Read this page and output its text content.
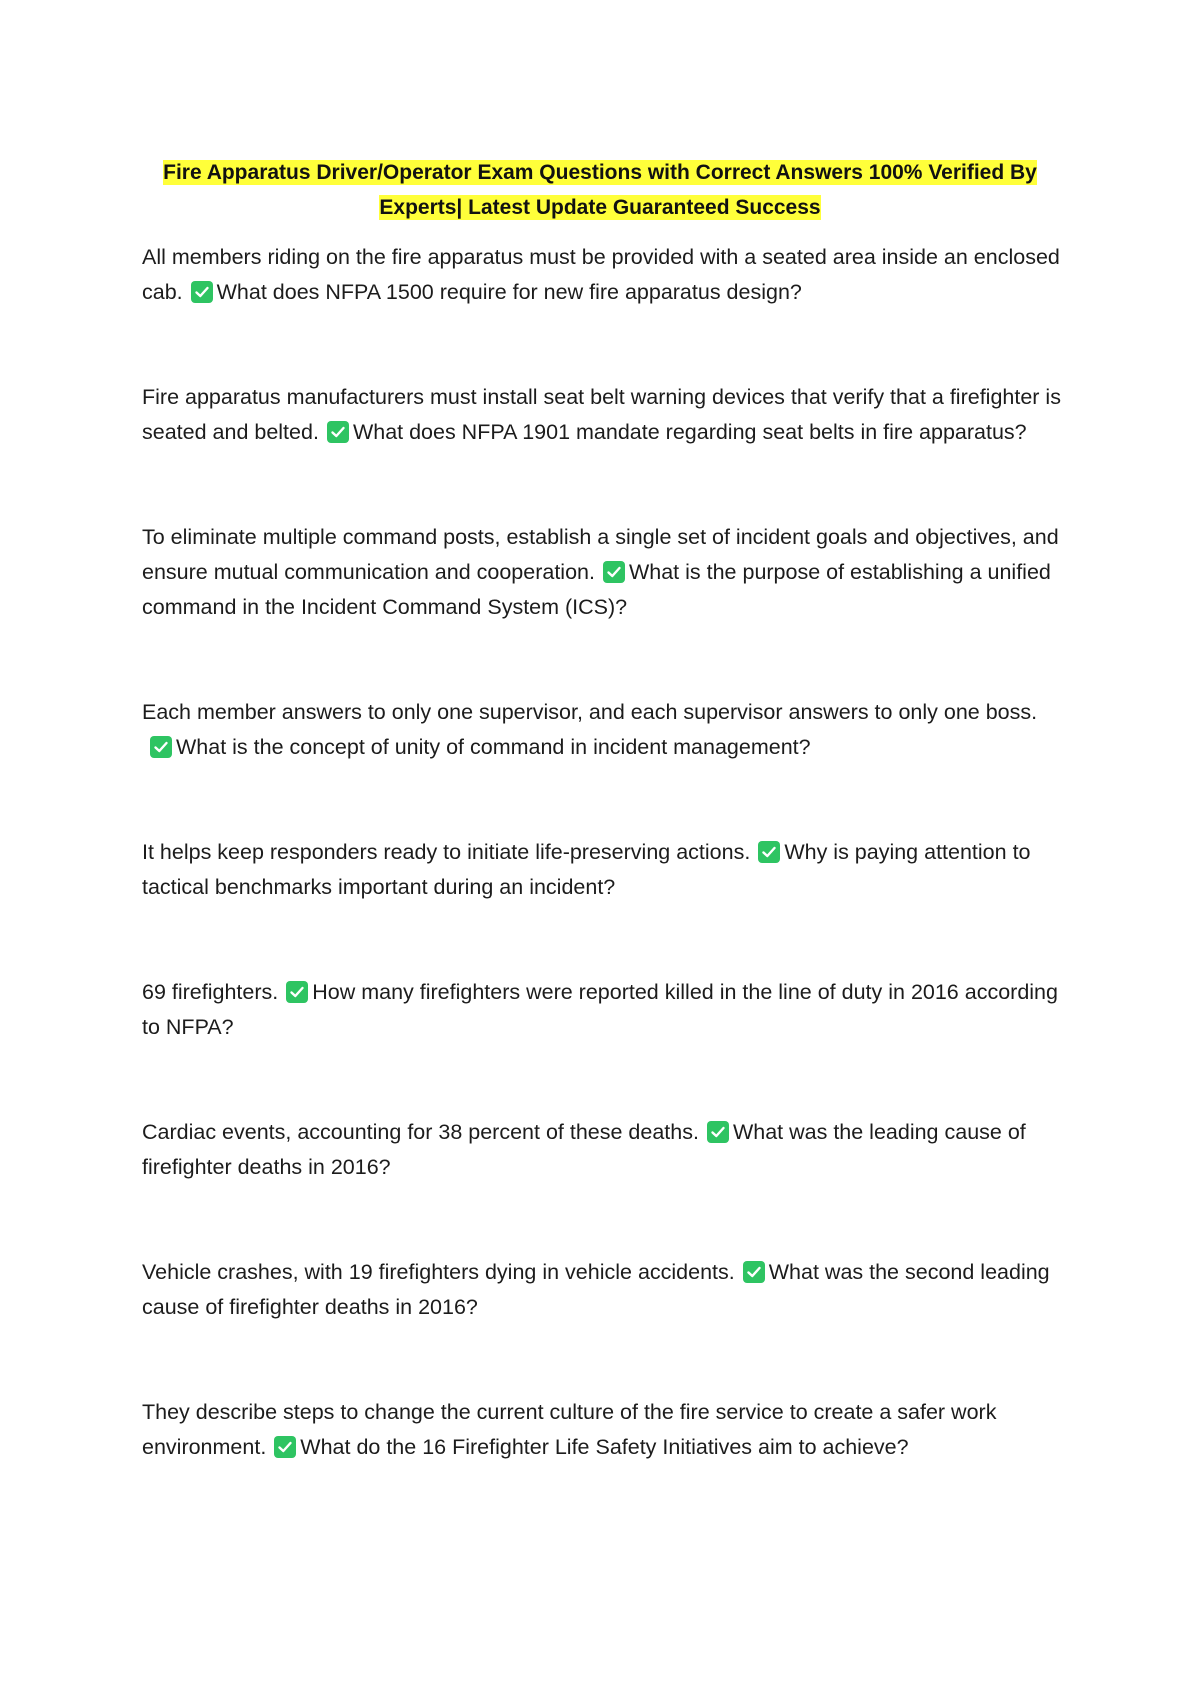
Fire Apparatus Driver/Operator Exam Questions with Correct Answers 100% Verified By
Experts| Latest Update Guaranteed Success
All members riding on the fire apparatus must be provided with a seated area inside an enclosed cab. What does NFPA 1500 require for new fire apparatus design?
Fire apparatus manufacturers must install seat belt warning devices that verify that a firefighter is seated and belted. What does NFPA 1901 mandate regarding seat belts in fire apparatus?
To eliminate multiple command posts, establish a single set of incident goals and objectives, and ensure mutual communication and cooperation. What is the purpose of establishing a unified command in the Incident Command System (ICS)?
Each member answers to only one supervisor, and each supervisor answers to only one boss.
What is the concept of unity of command in incident management?
It helps keep responders ready to initiate life-preserving actions. Why is paying attention to tactical benchmarks important during an incident?
69 firefighters. How many firefighters were reported killed in the line of duty in 2016 according to NFPA?
Cardiac events, accounting for 38 percent of these deaths. What was the leading cause of firefighter deaths in 2016?
Vehicle crashes, with 19 firefighters dying in vehicle accidents. What was the second leading cause of firefighter deaths in 2016?
They describe steps to change the current culture of the fire service to create a safer work environment. What do the 16 Firefighter Life Safety Initiatives aim to achieve?
